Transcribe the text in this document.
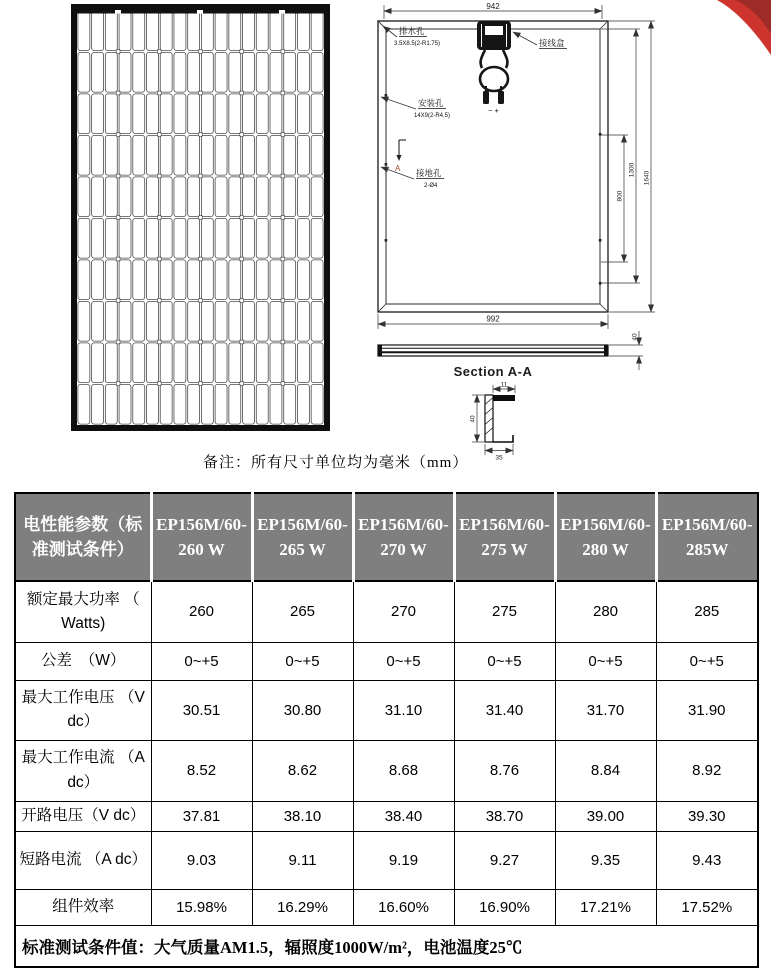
942
992
800
1300
1640
排水孔
3.5X8.5(2-R1.75)	接线盒
安装孔
14X9(2-R4.5)
接地孔
2-Ø4
A
− +
40
Section A-A
11
40
35
备注：所有尺寸单位均为毫米（mm）
电性能参数（标准测试条件）	EP156M/60-260 W	EP156M/60-265 W	EP156M/60-270 W	EP156M/60-275 W	EP156M/60-280 W	EP156M/60-285W
额定最大功率 （ Watts)	260	265	270	275	280	285
公差　（W）	0~+5	0~+5	0~+5	0~+5	0~+5	0~+5
最大工作电压 （V dc）	30.51	30.80	31.10	31.40	31.70	31.90
最大工作电流 （A dc）	8.52	8.62	8.68	8.76	8.84	8.92
开路电压（V dc）	37.81	38.10	38.40	38.70	39.00	39.30
短路电流 （A dc）	9.03	9.11	9.19	9.27	9.35	9.43
组件效率	15.98%	16.29%	16.60%	16.90%	17.21%	17.52%
标准测试条件值：大气质量AM1.5，辐照度1000W/m²，电池温度25℃						
